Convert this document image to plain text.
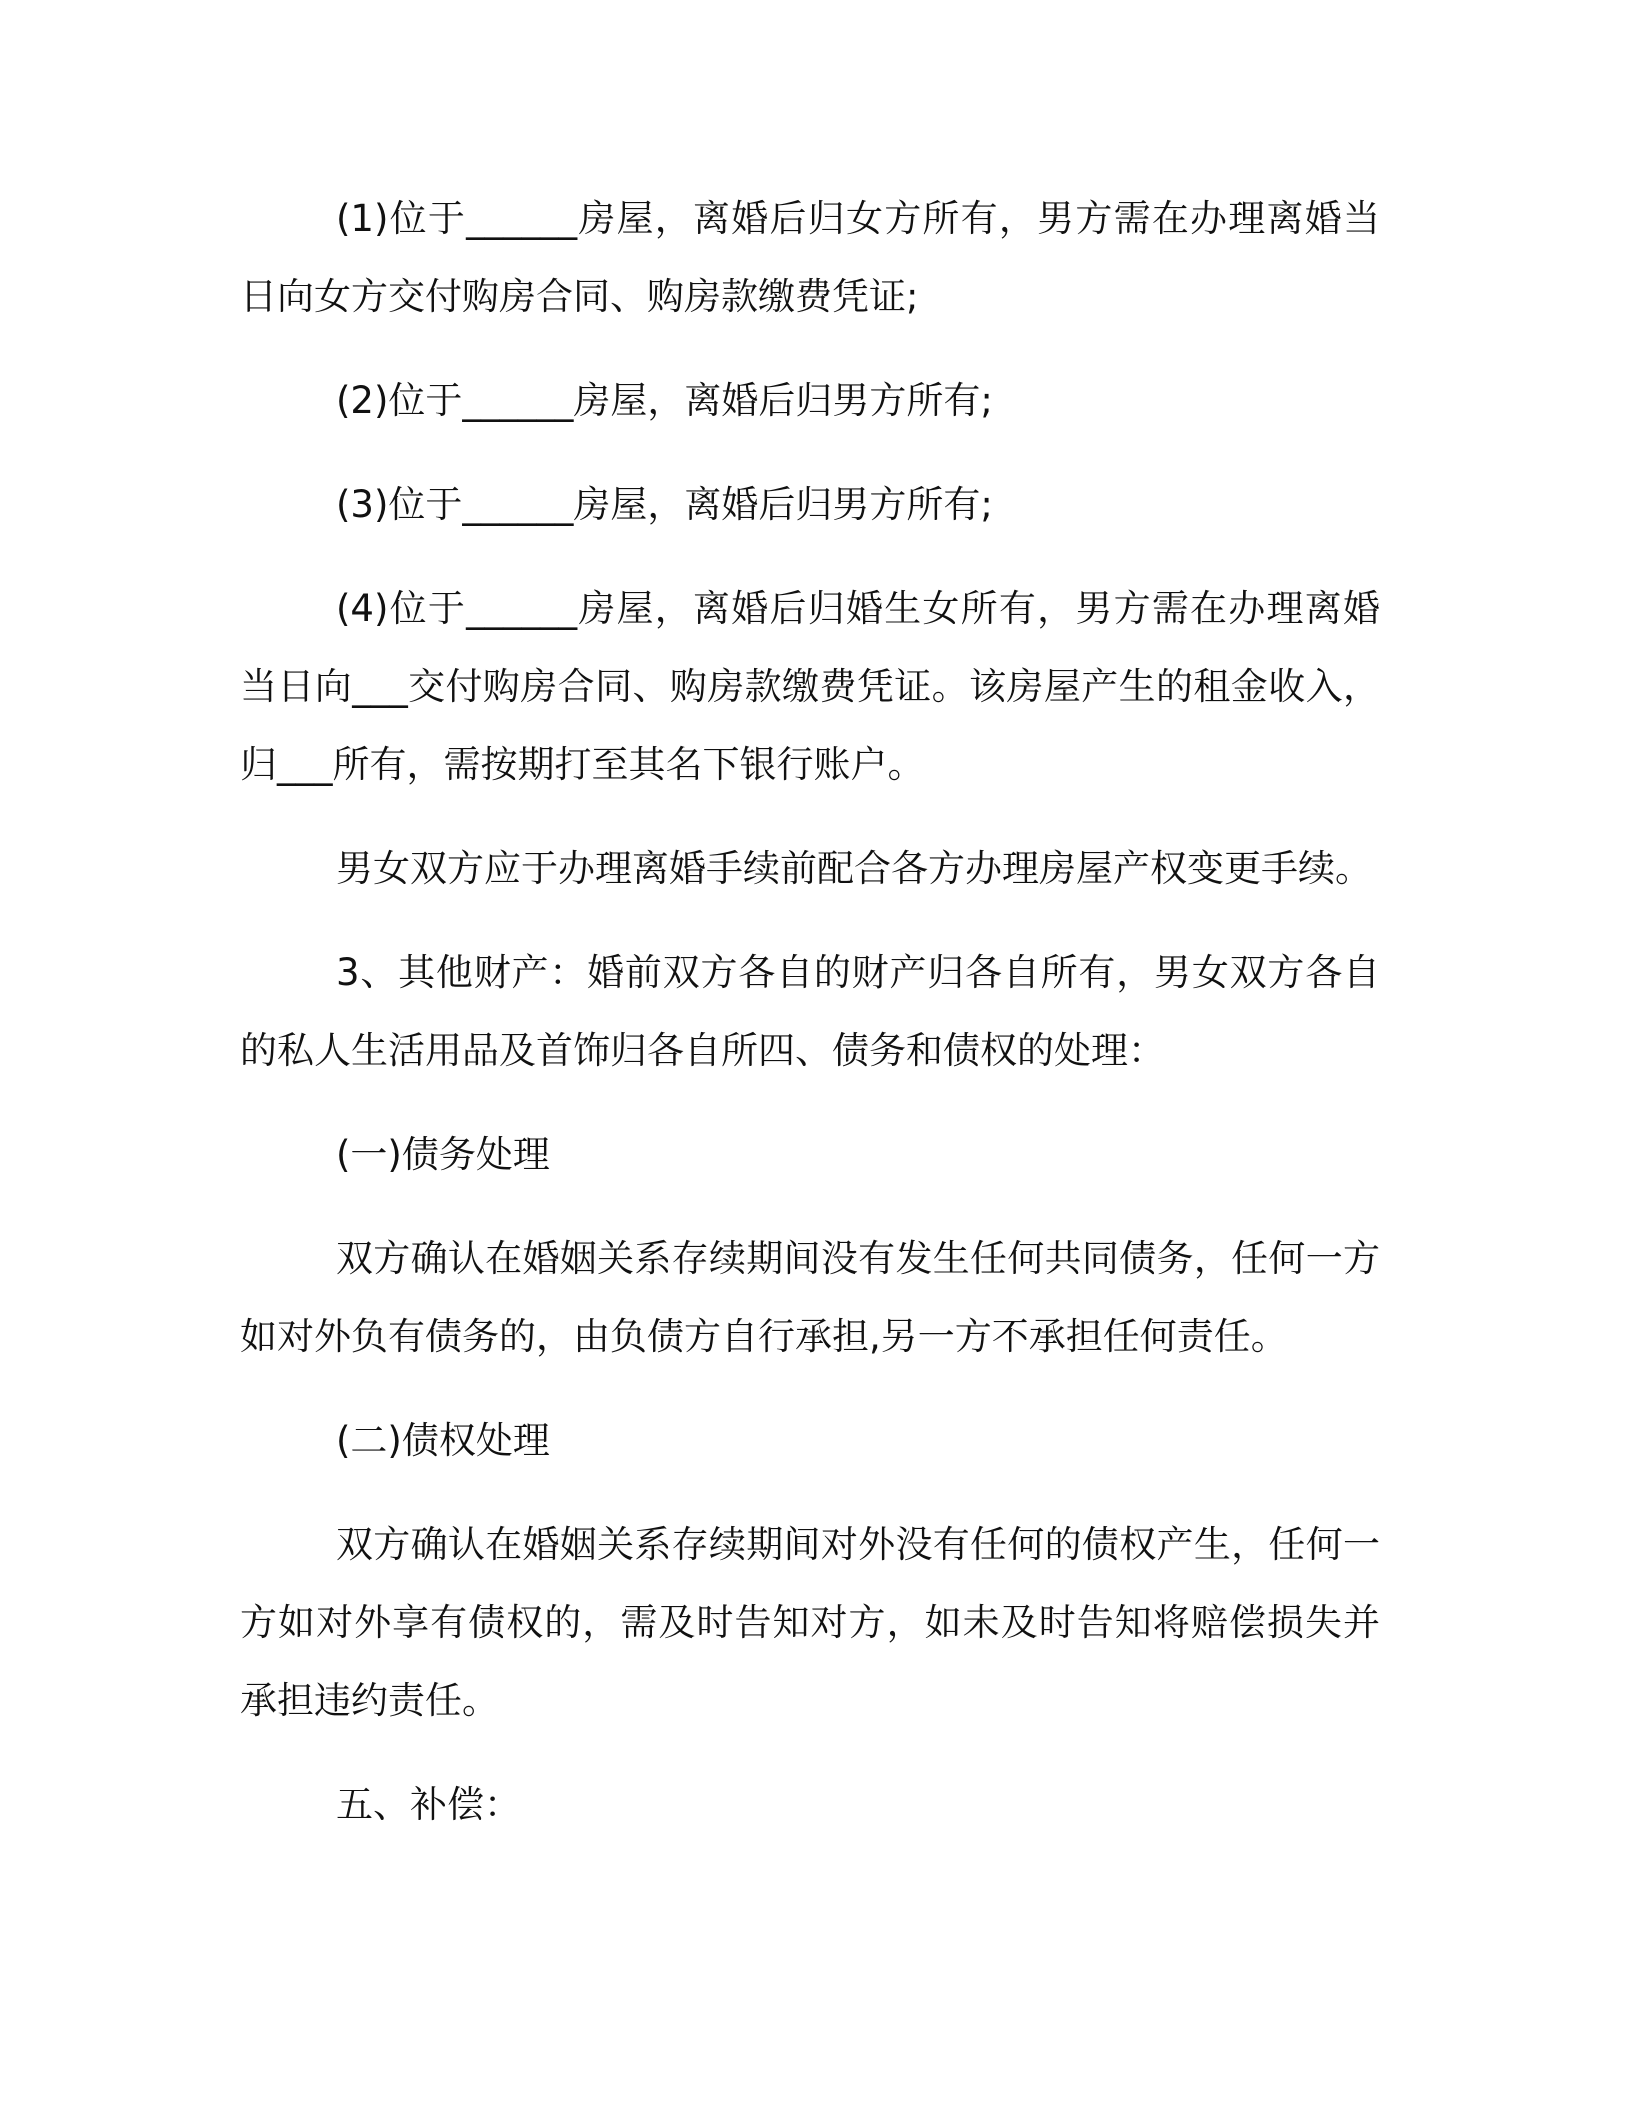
(1)位于______房屋，离婚后归女方所有，男方需在办理离婚当日向女方交付购房合同、购房款缴费凭证;

(2)位于______房屋，离婚后归男方所有;

(3)位于______房屋，离婚后归男方所有;

(4)位于______房屋，离婚后归婚生女所有，男方需在办理离婚当日向___交付购房合同、购房款缴费凭证。该房屋产生的租金收入，归___所有，需按期打至其名下银行账户。

男女双方应于办理离婚手续前配合各方办理房屋产权变更手续。

3、其他财产：婚前双方各自的财产归各自所有，男女双方各自的私人生活用品及首饰归各自所四、债务和债权的处理：

(一)债务处理

双方确认在婚姻关系存续期间没有发生任何共同债务，任何一方如对外负有债务的，由负债方自行承担,另一方不承担任何责任。

(二)债权处理

双方确认在婚姻关系存续期间对外没有任何的债权产生，任何一方如对外享有债权的，需及时告知对方，如未及时告知将赔偿损失并承担违约责任。

五、补偿：
